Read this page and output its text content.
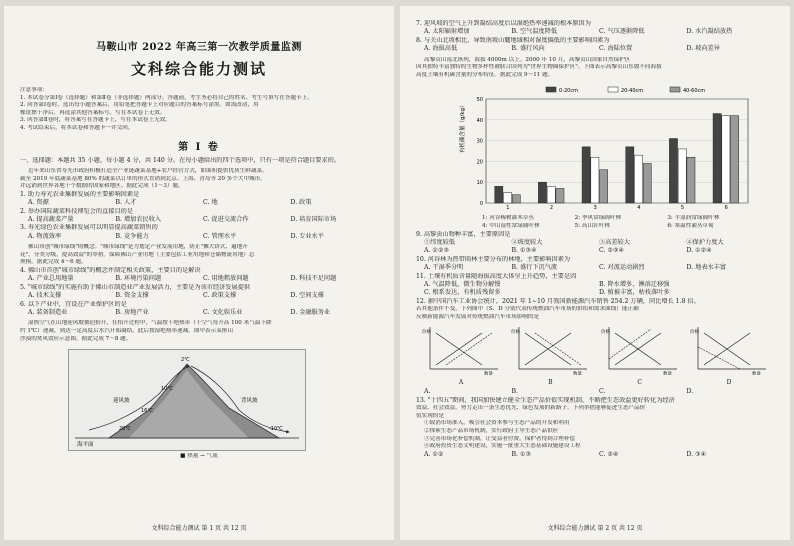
马鞍山市 2022 年高三第一次教学质量监测
文科综合能力测试
注意事项：
1. 本试卷分第Ⅰ卷（选择题）和第Ⅱ卷（非选择题）两部分。答题前，考生务必将自己的姓名、考生号填写在答题卡上。
2. 回答第Ⅰ卷时，选出每小题答案后，用铅笔把答题卡上对应题目的答案标号涂黑。如需改动，用
橡皮擦干净后，再选涂其他答案标号。写在本试卷上无效。
3. 回答第Ⅱ卷时，将答案写在答题卡上，写在本试卷上无效。
4. 考试结束后，将本试卷和答题卡一并交回。
第 Ⅰ 卷
一、选择题：本题共 35 小题，每小题 4 分，共 140 分。在每小题给出的四个选项中，只有一项是符合题目要求的。
近年来山东省寿光市政府积极打造全产业链蔬菜基地+农户经营方式，如面积提供优质生鲜蔬菜。
截至 2019 年底蔬菜基地 80% 的蔬菜以订单的形式直销到北京、上海、青岛等 20 多个大中城市。
并远销到世界各地十个数据的国家和地区。据此完成（1～3）题。
1. 助力寿光农业集群发展的主要影响因素是
A. 资源	B. 人才	C. 地	D. 政策
2. 举办国际蔬菜科技博览会的直接目的是
A. 提高蔬菜产量	B. 增加农民收入	C. 促进交流合作	D. 培育国际市场
3. 寿光绿色农业集群发展可以明显提高蔬菜销售的
A. 物流效率	B. 竞争能力	C. 管理水平	D. 专业水平
佛山市创"城市绿线"的概念。"城市绿线"是为划定产业发展用地，防止"摊大饼式、遍地开
花"，分类分级，提高效益"的举措。保障佛山产业用地（主要包括工业用地和仓储物流用地）总
规模。据此完成 4～6 题。
4. 佛山市首创"城市绿线"的概念并制定相关政策，主要目的是解决
A. 产业总用地量	B. 环境污染问题	C. 用地粗放问题	D. 科技不足问题
5. "城市绿线"的实施有助于佛山市制造业产业发展活力，主要是为该市经济发展提供
A. 技术支撑	B. 资金支撑	C. 政策支撑	D. 空间支撑
6. 以下产业中，宜设在产业保护区的是
A. 装备制造业	B. 房地产业	C. 文化娱乐业	D. 金融服务业
湿热空气在山地迎风坡被迫抬升，在抬升过程中，气温按干绝热率（干空气每升高 100 米气温下降
约 1℃）递减，到达一定高度后水汽开始凝结，此后按湿绝热率递减。图中表示某座山
沙漠的焚风效应示意图。据此完成 7～8 题。
迎风坡	背风坡
海平面
20℃
16℃
10℃
2℃
-10℃
■ 热量 → 气流
文科综合能力测试 第 1 页 共 12 页
7. 迎风坡的空气上升到凝结高度后以湿绝热率递减的根本原因为
A. 太阳辐射增加	B. 空气温度降低	C. 气压逐渐降低	D. 水汽凝结放热
8. 与关山北坡相比，导致南坡山麓地域相对湿度偏低的主要影响因素为
A. 海拔高低	B. 盛行风向	C. 海陆位置	D. 坡向差异
高黎贡山南北纵列，海拔 4000m 以上。2000 年 10 月，高黎贡山国家自然保护区
因其独特丰富独特的生物多样性被联合国列为"世界生物圈保护区"。下图表示高黎贡山东坡不同海拔
高度土壤有机碳含量的分布特征。据此完成 9～11 题。
0-20cm	20-40cm	40-60cm
0
10
20
30
40
50
1	2	3	4	5	6
有机碳含量（g/kg）
1: 河谷稀树灌木草丛	2: 季风常绿阔叶林	3: 半湿润常绿阔叶林
4: 中山湿性常绿阔叶林	5: 高山针叶林	6: 寒温性灌丛草甸
9. 高黎贡山物种丰富，主要原因是
①纬度较低	②坡度较大	③高差较大	④保护力度大
A. ①②③	B. ①③④	C. ②③④	D. ①②④
10. 河谷林为热带雨林主要分布的林地，主要影响因素为
A. 干湿季分明	B. 盛行下沉气流	C. 对流运动剧烈	D. 地表水丰富
11. 土壤有机质含量随海拔高度大体呈上升趋势，主要是因
A. 气温降低，微生物分解慢	B. 降水增多，淋溶迁移强
C. 根系发达，有机质残留多	D. 植被丰富，枯枝落叶多
12. 据中国汽车工业协会统计，2021 年 1~10 月我国新能源汽车销售 254.2 万辆，同比增长 1.8 倍。
若其他条件不变，下列图中（S、D 分别代表传统燃油汽车市场的供给和需求曲线）能正确
反映新能源汽车发展对传统燃油汽车市场影响的是
价格
数量
A
价格
数量
B
价格
数量
C
价格
数量
D
A.	B.	C.	D.
13. "十四五"期间，我国加快建立健全生态产品价值实现机制，不断把生态效益更好转化为经济
效益、社会效益，努力走出一条生态优先、绿色发展的新路子。下列举措能够促进生态产品价
值实现的是
①取消市场准入，吸引社会资本参与生态产品的开发和利用
②探索生态产品市场机制，实行政府主导生态产品供应
③完善市场化补偿机制，让受益者付费，保护者得到合理补偿
④政府投资生态文明建设，实施一批重大生态基础设施建设工程
A. ①②	B. ①③	C. ②④	D. ③④
文科综合能力测试 第 2 页 共 12 页
